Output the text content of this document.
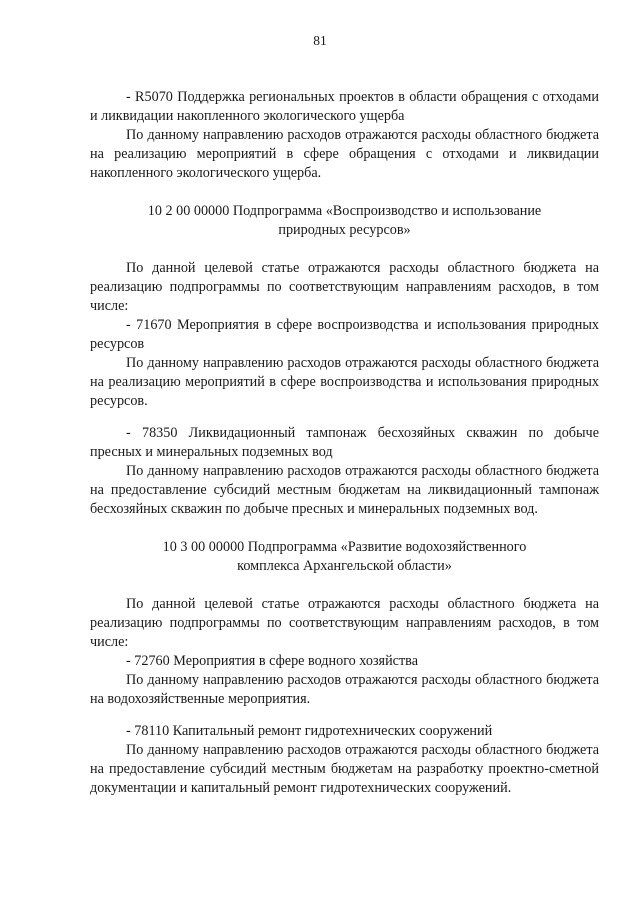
81

- R5070 Поддержка региональных проектов в области обращения с отходами и ликвидации накопленного экологического ущерба

По данному направлению расходов отражаются расходы областного бюджета на реализацию мероприятий в сфере обращения с отходами и ликвидации накопленного экологического ущерба.

10 2 00 00000 Подпрограмма «Воспроизводство и использование природных ресурсов»

По данной целевой статье отражаются расходы областного бюджета на реализацию подпрограммы по соответствующим направлениям расходов, в том числе:

- 71670 Мероприятия в сфере воспроизводства и использования природных ресурсов

По данному направлению расходов отражаются расходы областного бюджета на реализацию мероприятий в сфере воспроизводства и использования природных ресурсов.

- 78350 Ликвидационный тампонаж бесхозяйных скважин по добыче пресных и минеральных подземных вод

По данному направлению расходов отражаются расходы областного бюджета на предоставление субсидий местным бюджетам на ликвидационный тампонаж бесхозяйных скважин по добыче пресных и минеральных подземных вод.

10 3 00 00000 Подпрограмма «Развитие водохозяйственного комплекса Архангельской области»

По данной целевой статье отражаются расходы областного бюджета на реализацию подпрограммы по соответствующим направлениям расходов, в том числе:

- 72760 Мероприятия в сфере водного хозяйства

По данному направлению расходов отражаются расходы областного бюджета на водохозяйственные мероприятия.

- 78110 Капитальный ремонт гидротехнических сооружений

По данному направлению расходов отражаются расходы областного бюджета на предоставление субсидий местным бюджетам на разработку проектно-сметной документации и капитальный ремонт гидротехнических сооружений.
